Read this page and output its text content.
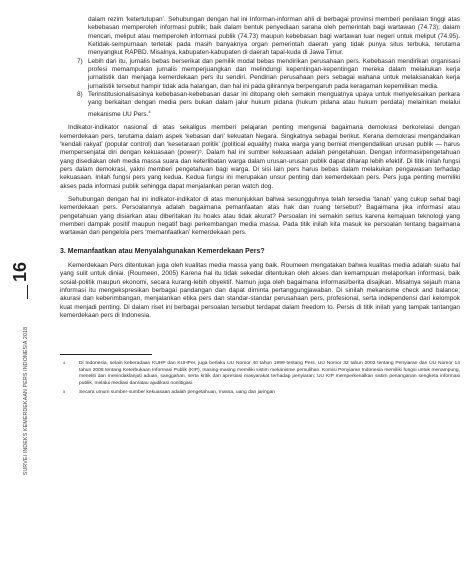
16
SURVEI INDEKS KEMERDEKAAN PERS INDONESIA 2018

dalam rezim ‘ketertutupan’. Sehubungan dengan hal ini Informan-informan ahli di berbagai provinsi memberi penilaian tinggi atas kebebasan memperoleh informasi publik; baik dalam bentuk penyediaan sarana oleh pemerintah bagi wartawan (74.73); dalam mencari, meliput atau memperoleh informasi publik (74.73) maupun kebebasan bagi wartawan luar negeri untuk meliput (74.95). Ketidak-sempurnaan terletak pada masih banyaknya organ pemerintah daerah yang tidak punya situs terbuka, terutama menyangkut RAPBD. Misalnya, kabupaten-kabupaten di daerah tapal-kuda di Jawa Timur.

7) Lebih dari itu, jurnalis bebas berserikat dan pemilik modal bebas mendirikan perusahaan pers. Kebebasan mendirikan organisasi profesi memampukan jurnalis memperjuangkan dan melindungi kepentingan-kepentingan mereka dalam melakukan kerja jurnalistik dan menjaga kemerdekaan pers itu sendiri. Pendirian perusahaan pers sebagai wahana untuk melaksanakan kerja jurnalistik tersebut hampir tidak ada halangan, dan hal ini pada gilirannya berpengaruh pada keragaman kepemilikan media.
8) Terinstitusionalisasinya kebebasan-kebebasan dasar ini ditopang oleh semakin menguatnya upaya untuk menyelesaikan perkara yang berkaitan dengan media pers bukan dalam jalur hukum pidana (hukum pidana atau hukum perdata) melainkan melalui mekanisme UU Pers.$^4$

Indikator-indikator nasional di atas sekaligus memberi pelajaran penting mengenai bagaimana demokrasi berkorelasi dengan kemerdekaan pers, terutama dalam aspek ‘kebasan dari’ kekuatan Negara. Singkatnya sebagai berikut. Kerana demokrasi mengandaikan ‘kendali rakyat’ (popular control) dan ‘kesetaraan politik’ (political equality) maka warga yang berniat mengendalikan urusan publik — harus mempersenjatai diri dengan kekuasaan (power)⁵. Dalam hal ini sumber kekuasaan adalah pengetahuan. Dengan informasi/pengetahuan yang disediakan oleh media massa suara dan keterlibatan warga dalam urusan-urusan publik dapat diharap lebih efektif. Di titik inilah fungsi pers dalam demokrasi, yakni memberi pengetahuan bagi warga. Di sisi lain pers harus bebas dalam melakukan pengawasan terhadap kekuasaan. Inilah fungsi pers yang kedua. Kedua fungsi ini merupakan unsur penting dari kemerdekaan pers. Pers juga penting memiliki akses pada informasi publik sehingga dapat menjalankan peran watch dog.

Sehubungan dengan hal ini indikator-indikator di atas menunjukkan bahwa sesungguhnya telah tersedia ‘tanah’ yang cukup sehat bagi kemerdekaan pers. Persoalannya adalah bagaimana pemanfaatan atas hak dan ruang tersebut? Bagaimana jika informasi atau pengetahuan yang disiarkan atau diberitakan itu hoaks atau tidak akurat? Persoalan ini semakin serius karena kemajuan teknologi yang memberi dampak positif maupun negatif bagi perkembangan media massa. Pada titik inilah kita masuk ke persoalan tentang bagaimana wartawan dan pengelola pers ‘memanfaatkan’ kemerdekaan pers.

3. Memanfaatkan atau Menyalahgunakan Kemerdekaan Pers?

Kemerdekaan Pers ditentukan juga oleh kualitas media massa yang baik. Roumeen mengatakan bahwa kualitas media adalah suatu hal yang sulit untuk diniai. (Roumeen, 2005) Karena hal itu tidak sekedar ditentukan oleh akses dan kemampuan melaporkan informasi, baik sosial-politik maupun ekonomi, secara kurang-lebih obyektif. Namun juga oleh bagaimana informasi/berita disajikan. Misalnya sejauh mana informasi itu mengekspresikan berbagai pandangan dan dapat diminta pertanggungjawaban. Di sinilah mekanisme check and balance; akurasi dan keberimbangan, menjalankan etika pers dan standar-standar perusahaan pers, profesional, serta independensi dari kelompok kuat menjadi penting. Di dalam riset ini berbagai persoalan tersebut terdapat dalam freedom to. Persis di titik inilah yang tampak tantangan kemerdekaan pers di Indonesia.

4	Di Indonesia, selain keberadaan KUHP dan KUHPer, juga berlaku UU Nomor 40 tahun 1999 tentang Pers, UU Nomor 32 tahun 2002 tentang Penyiaran dan UU Nomor 14 tahun 2008 tentang Keterbukaan Informasi Publik (KIP), masing-masing memiliki sistim mekanisme pemulihan. Komisi Penyiaran Indonesia memiliki fungsi untuk menampung, meneliti dan menindaklanjuti aduan, sanggahan, serta kritik dan apresiasi masyarakat terhadap penyiaran; UU KIP memperkenalkan sistim penanganan sengketa informasi publik, melalui mediasi dan/atau ajudikasi nonlitigasi.
5	Secara umum sumber-sumber kekuasaan adalah pengetahuan, massa, uang dan jaringan
